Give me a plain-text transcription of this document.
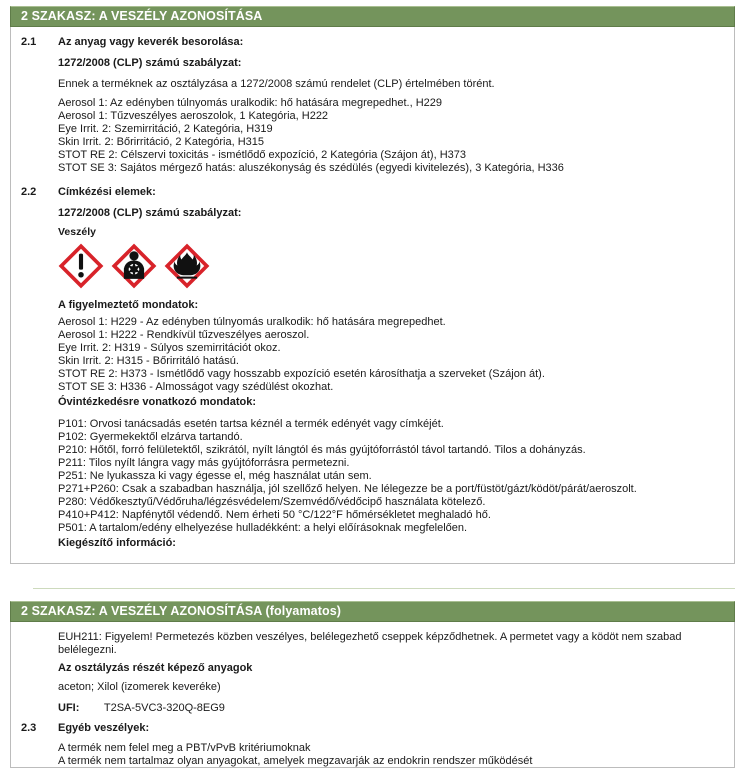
2 SZAKASZ: A VESZÉLY AZONOSÍTÁSA
2.1	Az anyag vagy keverék besorolása:
1272/2008 (CLP) számú szabályzat:
Ennek a terméknek az osztályzása a 1272/2008 számú rendelet (CLP) értelmében törént.
Aerosol 1: Az edényben túlnyomás uralkodik: hő hatására megrepedhet., H229
Aerosol 1: Tűzveszélyes aeroszolok, 1 Kategória, H222
Eye Irrit. 2: Szemirritáció, 2 Kategória, H319
Skin Irrit. 2: Bőrirritáció, 2 Kategória, H315
STOT RE 2: Célszervi toxicitás - ismétlődő expozíció, 2 Kategória (Szájon át), H373
STOT SE 3: Sajátos mérgező hatás: aluszékonyság és szédülés (egyedi kivitelezés), 3 Kategória, H336
2.2	Címkézési elemek:
1272/2008 (CLP) számú szabályzat:
Veszély
A figyelmeztető mondatok:
Aerosol 1: H229 - Az edényben túlnyomás uralkodik: hő hatására megrepedhet.
Aerosol 1: H222 - Rendkívül tűzveszélyes aeroszol.
Eye Irrit. 2: H319 - Súlyos szemirritációt okoz.
Skin Irrit. 2: H315 - Bőrirritáló hatású.
STOT RE 2: H373 - Ismétlődő vagy hosszabb expozíció esetén károsíthatja a szerveket (Szájon át).
STOT SE 3: H336 - Almosságot vagy szédülést okozhat.
Óvintézkedésre vonatkozó mondatok:
P101: Orvosi tanácsadás esetén tartsa kéznél a termék edényét vagy címkéjét.
P102: Gyermekektől elzárva tartandó.
P210: Hőtől, forró felületektől, szikrától, nyílt lángtól és más gyújtóforrástól távol tartandó. Tilos a dohányzás.
P211: Tilos nyílt lángra vagy más gyújtóforrásra permetezni.
P251: Ne lyukassza ki vagy égesse el, még használat után sem.
P271+P260: Csak a szabadban használja, jól szellőző helyen. Ne lélegezze be a port/füstöt/gázt/ködöt/párát/aeroszolt.
P280: Védőkesztyű/Védőruha/légzésvédelem/Szemvédő/védőcipő használata kötelező.
P410+P412: Napfénytől védendő. Nem érheti 50 °C/122°F hőmérsékletet meghaladó hő.
P501: A tartalom/edény elhelyezése hulladékként: a helyi előírásoknak megfelelően.
Kiegészítő információ:
2 SZAKASZ: A VESZÉLY AZONOSÍTÁSA (folyamatos)
EUH211: Figyelem! Permetezés közben veszélyes, belélegezhető cseppek képződhetnek. A permetet vagy a ködöt nem szabad belélegezni.
Az osztályzás részét képező anyagok
aceton; Xilol (izomerek keveréke)
UFI: T2SA-5VC3-320Q-8EG9
2.3	Egyéb veszélyek:
A termék nem felel meg a PBT/vPvB kritériumoknak
A termék nem tartalmaz olyan anyagokat, amelyek megzavarják az endokrin rendszer működését
